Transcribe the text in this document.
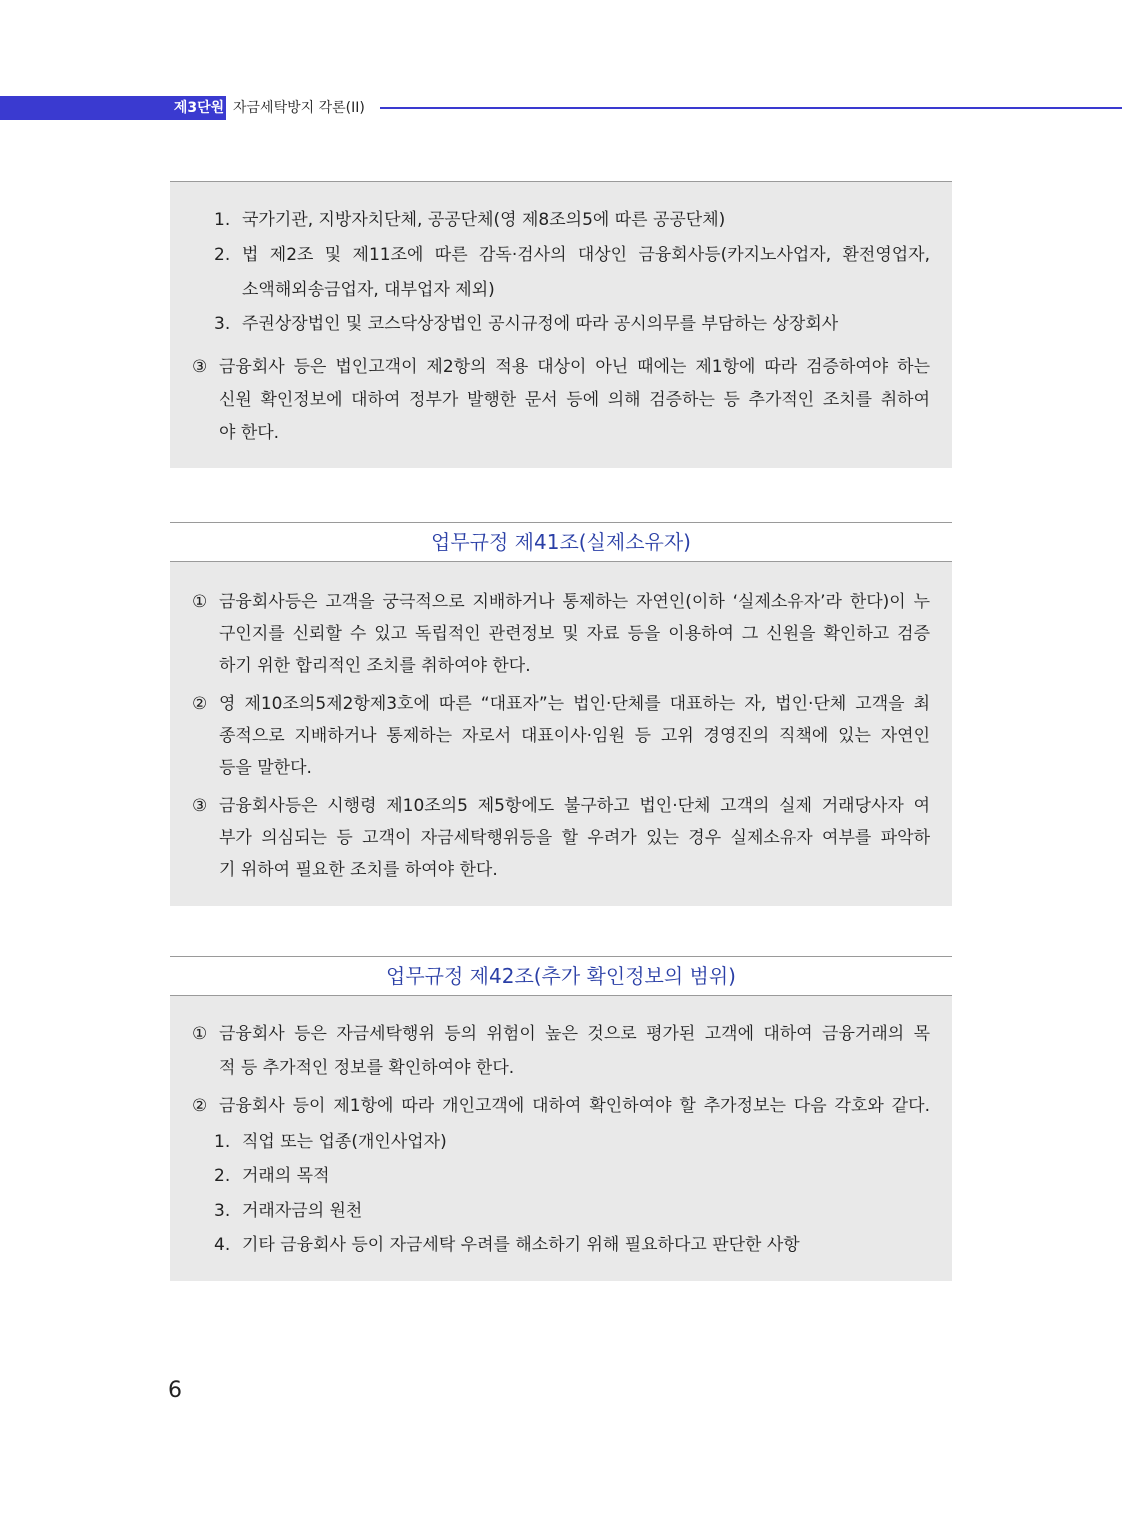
제3단원 자금세탁방지 각론(II)
1. 국가기관, 지방자치단체, 공공단체(영 제8조의5에 따른 공공단체)
2. 법 제2조 및 제11조에 따른 감독·검사의 대상인 금융회사등(카지노사업자, 환전영업자,
소액해외송금업자, 대부업자 제외)
3. 주권상장법인 및 코스닥상장법인 공시규정에 따라 공시의무를 부담하는 상장회사
③ 금융회사 등은 법인고객이 제2항의 적용 대상이 아닌 때에는 제1항에 따라 검증하여야 하는
신원 확인정보에 대하여 정부가 발행한 문서 등에 의해 검증하는 등 추가적인 조치를 취하여
야 한다.
업무규정 제41조(실제소유자)
① 금융회사등은 고객을 궁극적으로 지배하거나 통제하는 자연인(이하 ‘실제소유자’라 한다)이 누
구인지를 신뢰할 수 있고 독립적인 관련정보 및 자료 등을 이용하여 그 신원을 확인하고 검증
하기 위한 합리적인 조치를 취하여야 한다.
② 영 제10조의5제2항제3호에 따른 “대표자”는 법인·단체를 대표하는 자, 법인·단체 고객을 최
종적으로 지배하거나 통제하는 자로서 대표이사·임원 등 고위 경영진의 직책에 있는 자연인
등을 말한다.
③ 금융회사등은 시행령 제10조의5 제5항에도 불구하고 법인·단체 고객의 실제 거래당사자 여
부가 의심되는 등 고객이 자금세탁행위등을 할 우려가 있는 경우 실제소유자 여부를 파악하
기 위하여 필요한 조치를 하여야 한다.
업무규정 제42조(추가 확인정보의 범위)
① 금융회사 등은 자금세탁행위 등의 위험이 높은 것으로 평가된 고객에 대하여 금융거래의 목
적 등 추가적인 정보를 확인하여야 한다.
② 금융회사 등이 제1항에 따라 개인고객에 대하여 확인하여야 할 추가정보는 다음 각호와 같다.
1. 직업 또는 업종(개인사업자)
2. 거래의 목적
3. 거래자금의 원천
4. 기타 금융회사 등이 자금세탁 우려를 해소하기 위해 필요하다고 판단한 사항
6
